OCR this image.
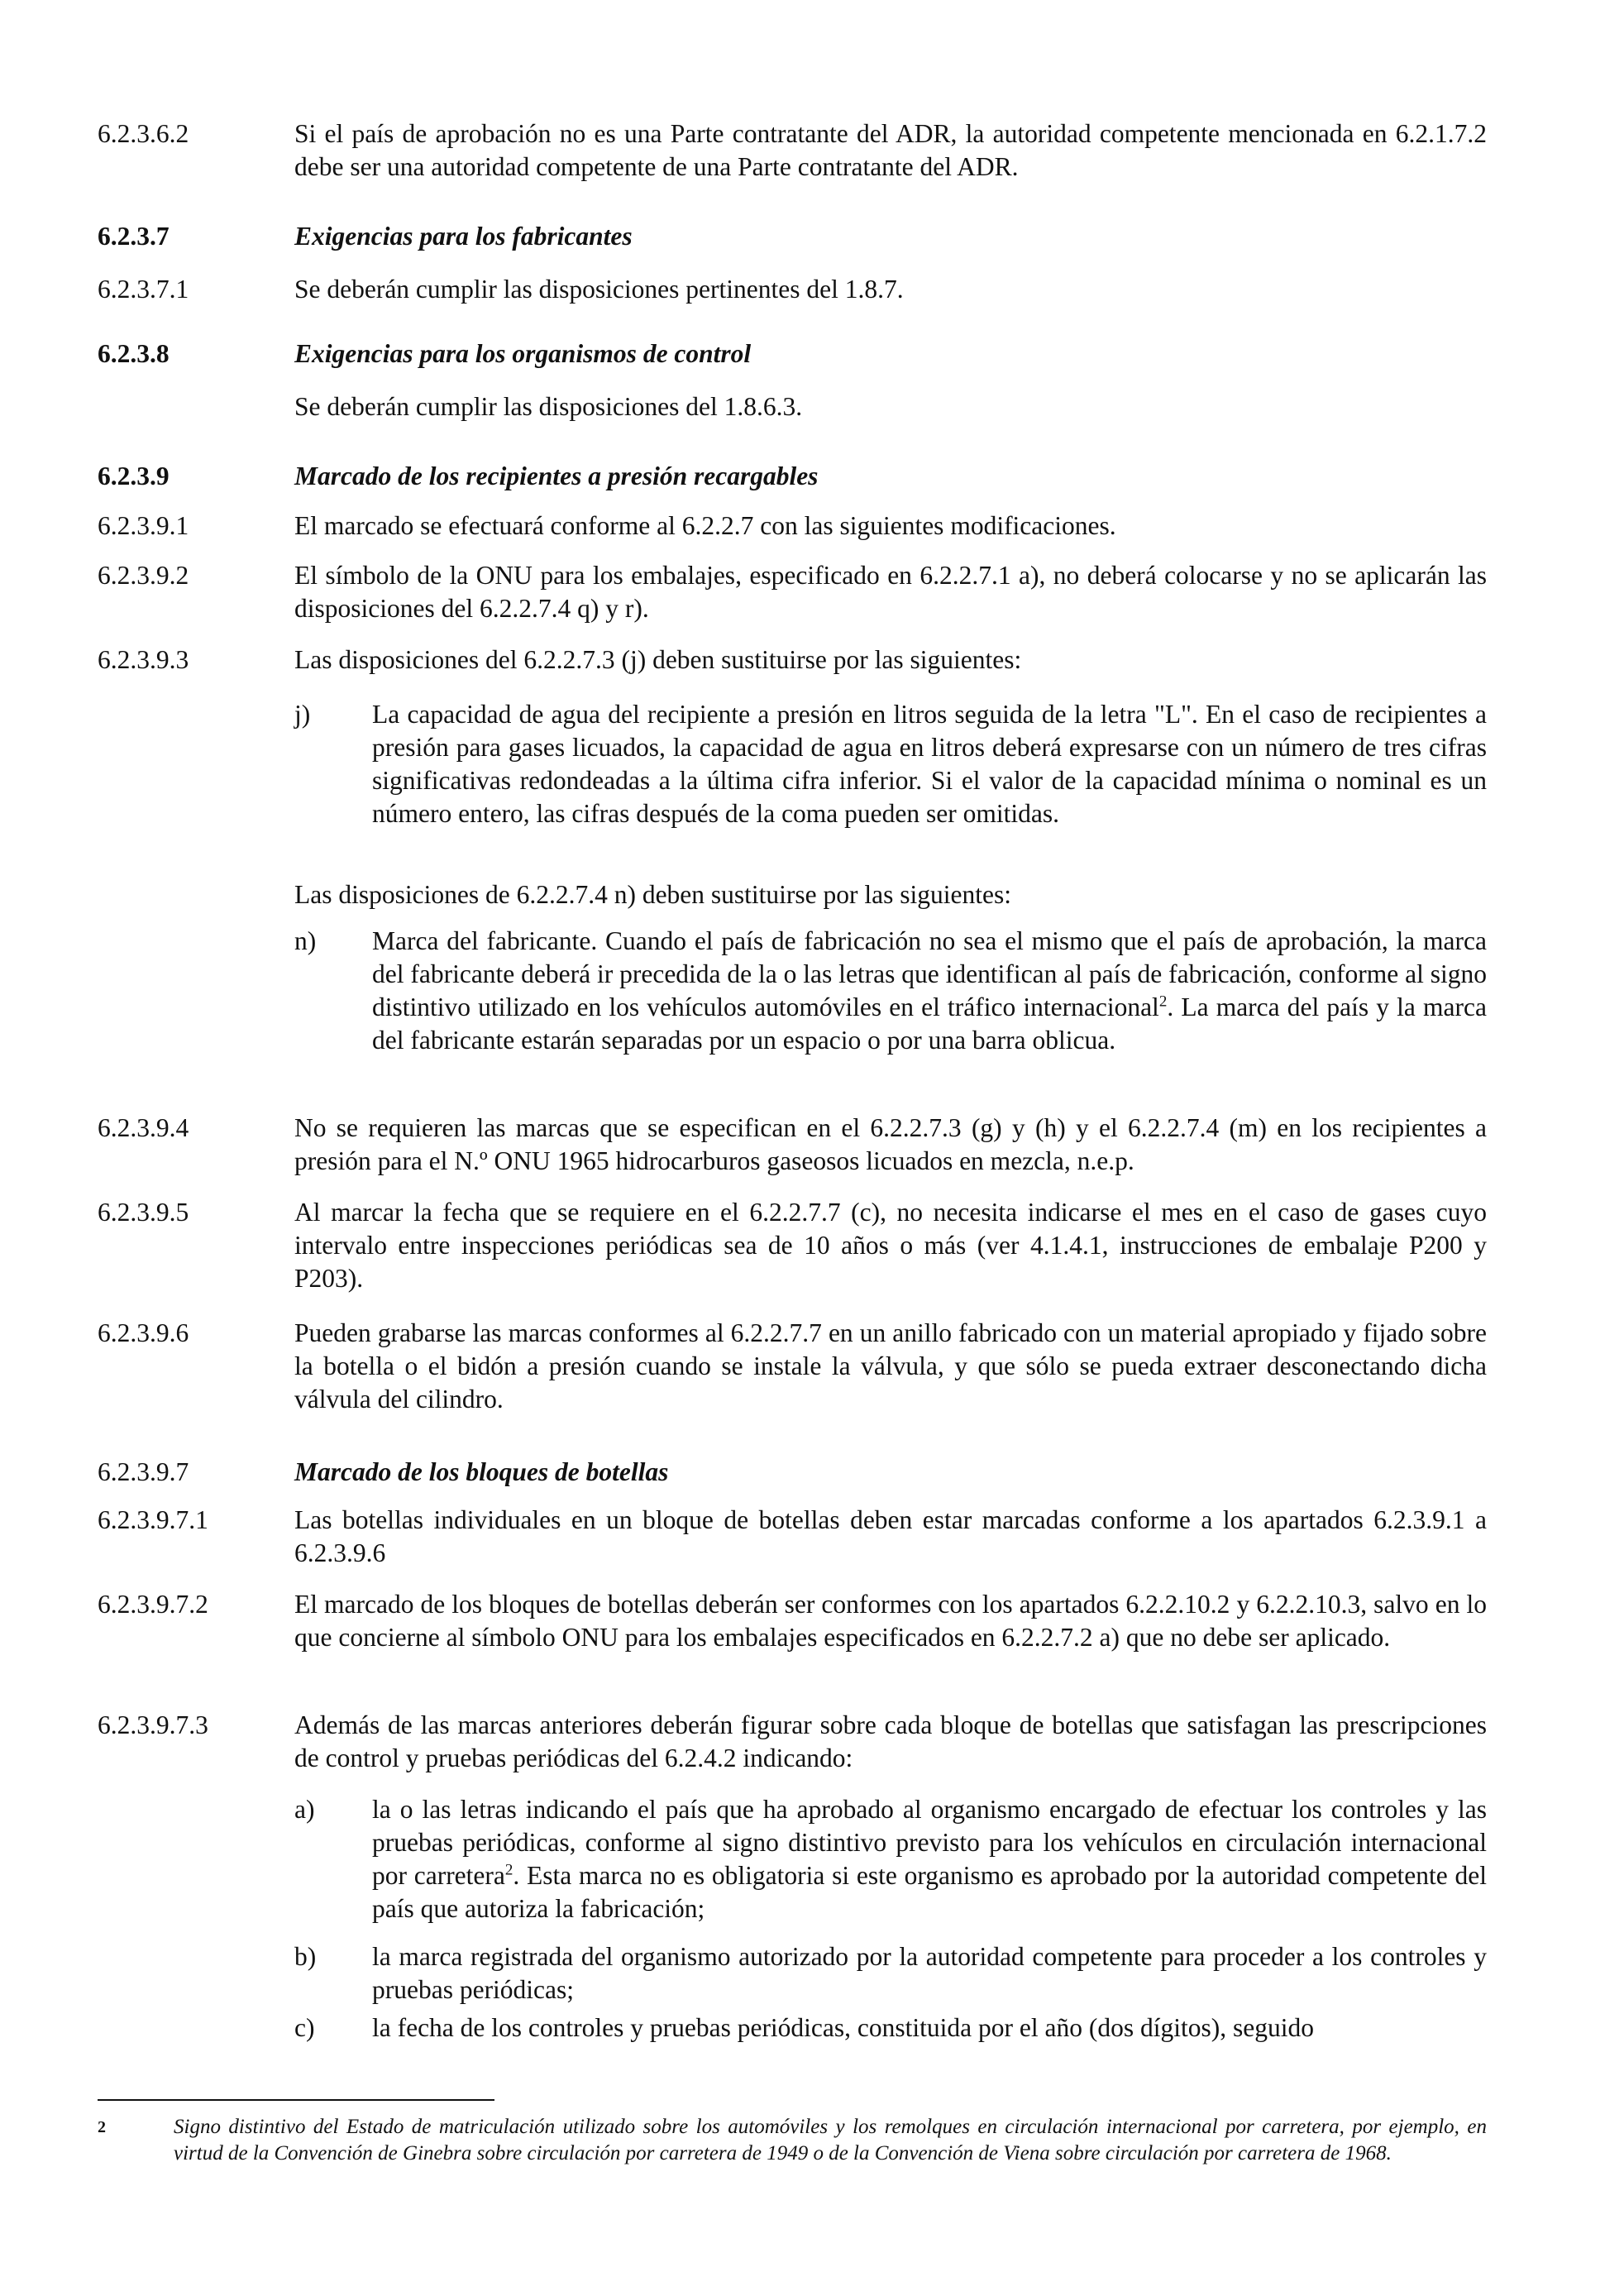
6.2.3.6.2	Si el país de aprobación no es una Parte contratante del ADR, la autoridad competente mencionada en 6.2.1.7.2 debe ser una autoridad competente de una Parte contratante del ADR.
6.2.3.7	Exigencias para los fabricantes
6.2.3.7.1	Se deberán cumplir las disposiciones pertinentes del 1.8.7.
6.2.3.8	Exigencias para los organismos de control
Se deberán cumplir las disposiciones del 1.8.6.3.
6.2.3.9	Marcado de los recipientes a presión recargables
6.2.3.9.1	El marcado se efectuará conforme al 6.2.2.7 con las siguientes modificaciones.
6.2.3.9.2	El símbolo de la ONU para los embalajes, especificado en 6.2.2.7.1 a), no deberá colocarse y no se aplicarán las disposiciones del 6.2.2.7.4 q) y r).
6.2.3.9.3	Las disposiciones del 6.2.2.7.3 (j) deben sustituirse por las siguientes:
j) La capacidad de agua del recipiente a presión en litros seguida de la letra "L". En el caso de recipientes a presión para gases licuados, la capacidad de agua en litros deberá expresarse con un número de tres cifras significativas redondeadas a la última cifra inferior. Si el valor de la capacidad mínima o nominal es un número entero, las cifras después de la coma pueden ser omitidas.
Las disposiciones de 6.2.2.7.4 n) deben sustituirse por las siguientes:
n) Marca del fabricante. Cuando el país de fabricación no sea el mismo que el país de aprobación, la marca del fabricante deberá ir precedida de la o las letras que identifican al país de fabricación, conforme al signo distintivo utilizado en los vehículos automóviles en el tráfico internacional$^2$. La marca del país y la marca del fabricante estarán separadas por un espacio o por una barra oblicua.
6.2.3.9.4	No se requieren las marcas que se especifican en el 6.2.2.7.3 (g) y (h) y el 6.2.2.7.4 (m) en los recipientes a presión para el N.º ONU 1965 hidrocarburos gaseosos licuados en mezcla, n.e.p.
6.2.3.9.5	Al marcar la fecha que se requiere en el 6.2.2.7.7 (c), no necesita indicarse el mes en el caso de gases cuyo intervalo entre inspecciones periódicas sea de 10 años o más (ver 4.1.4.1, instrucciones de embalaje P200 y P203).
6.2.3.9.6	Pueden grabarse las marcas conformes al 6.2.2.7.7 en un anillo fabricado con un material apropiado y fijado sobre la botella o el bidón a presión cuando se instale la válvula, y que sólo se pueda extraer desconectando dicha válvula del cilindro.
6.2.3.9.7	Marcado de los bloques de botellas
6.2.3.9.7.1	Las botellas individuales en un bloque de botellas deben estar marcadas conforme a los apartados 6.2.3.9.1 a 6.2.3.9.6
6.2.3.9.7.2	El marcado de los bloques de botellas deberán ser conformes con los apartados 6.2.2.10.2 y 6.2.2.10.3, salvo en lo que concierne al símbolo ONU para los embalajes especificados en 6.2.2.7.2 a) que no debe ser aplicado.
6.2.3.9.7.3	Además de las marcas anteriores deberán figurar sobre cada bloque de botellas que satisfagan las prescripciones de control y pruebas periódicas del 6.2.4.2 indicando:
a) la o las letras indicando el país que ha aprobado al organismo encargado de efectuar los controles y las pruebas periódicas, conforme al signo distintivo previsto para los vehículos en circulación internacional por carretera$^2$. Esta marca no es obligatoria si este organismo es aprobado por la autoridad competente del país que autoriza la fabricación;
b) la marca registrada del organismo autorizado por la autoridad competente para proceder a los controles y pruebas periódicas;
c) la fecha de los controles y pruebas periódicas, constituida por el año (dos dígitos), seguido
2	Signo distintivo del Estado de matriculación utilizado sobre los automóviles y los remolques en circulación internacional por carretera, por ejemplo, en virtud de la Convención de Ginebra sobre circulación por carretera de 1949 o de la Convención de Viena sobre circulación por carretera de 1968.
